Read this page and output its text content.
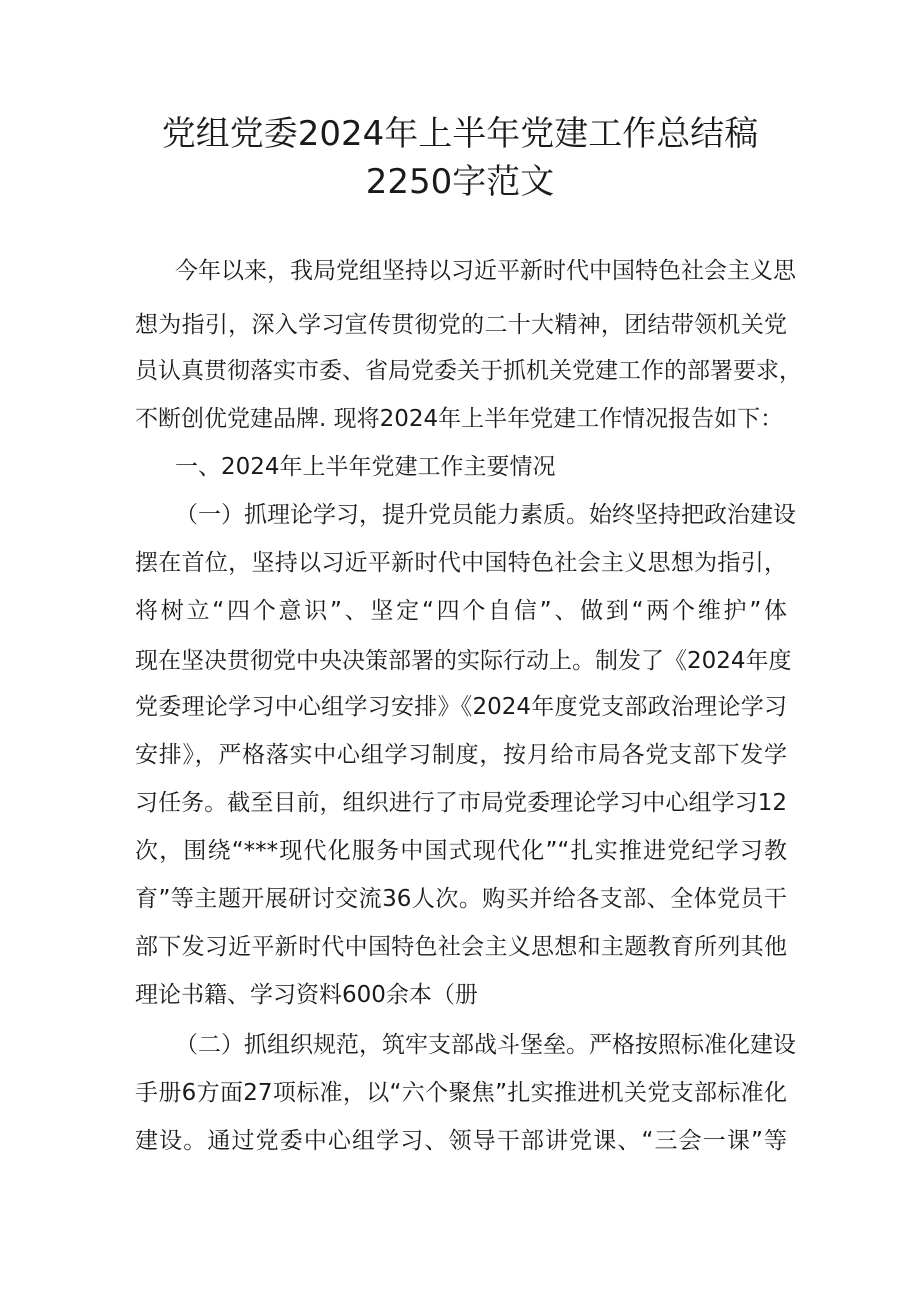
党组党委2024年上半年党建工作总结稿
2250字范文
今年以来，我局党组坚持以习近平新时代中国特色社会主义思
想为指引，深入学习宣传贯彻党的二十大精神，团结带领机关党
员认真贯彻落实市委、省局党委关于抓机关党建工作的部署要求，
不断创优党建品牌. 现将2024年上半年党建工作情况报告如下：
一、2024年上半年党建工作主要情况
（一）抓理论学习，提升党员能力素质。始终坚持把政治建设
摆在首位，坚持以习近平新时代中国特色社会主义思想为指引，
将树立“四个意识”、坚定“四个自信”、做到“两个维护”体
现在坚决贯彻党中央决策部署的实际行动上。制发了《2024年度
党委理论学习中心组学习安排》《2024年度党支部政治理论学习
安排》，严格落实中心组学习制度，按月给市局各党支部下发学
习任务。截至目前，组织进行了市局党委理论学习中心组学习12
次，围绕“***现代化服务中国式现代化”“扎实推进党纪学习教
育”等主题开展研讨交流36人次。购买并给各支部、全体党员干
部下发习近平新时代中国特色社会主义思想和主题教育所列其他
理论书籍、学习资料600余本（册
（二）抓组织规范，筑牢支部战斗堡垒。严格按照标准化建设
手册6方面27项标准，以“六个聚焦”扎实推进机关党支部标准化
建设。通过党委中心组学习、领导干部讲党课、“三会一课”等
